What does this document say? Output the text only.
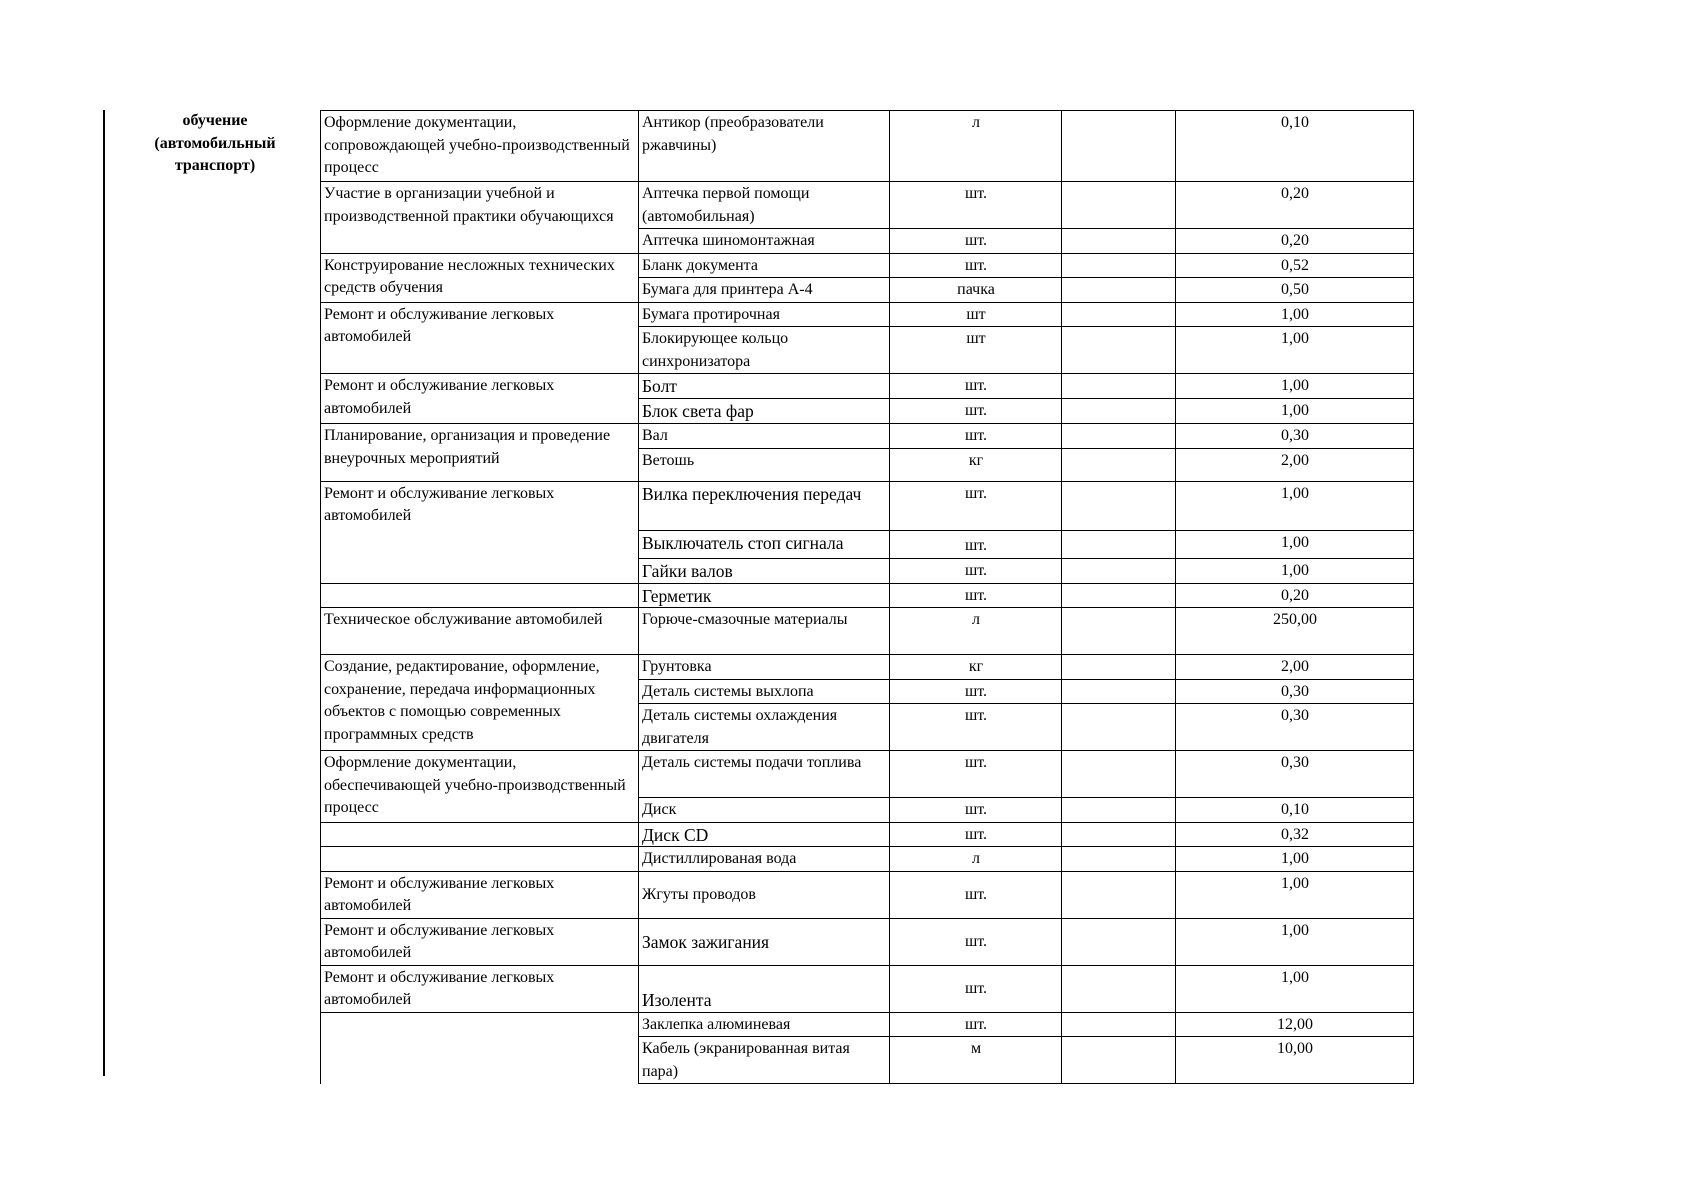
обучение
(автомобильный
транспорт)
Оформление документации, сопровождающей учебно-производственный процесс	Антикор (преобразователи ржавчины)	л		0,10
Участие в организации учебной и производственной практики обучающихся	Аптечка первой помощи (автомобильная)	шт.		0,20
	Аптечка шиномонтажная	шт.		0,20
Конструирование несложных технических средств обучения	Бланк документа	шт.		0,52
	Бумага для принтера А-4	пачка		0,50
Ремонт и обслуживание легковых автомобилей	Бумага протирочная	шт		1,00
	Блокирующее кольцо синхронизатора	шт		1,00
Ремонт и обслуживание легковых автомобилей	Болт	шт.		1,00
	Блок света фар	шт.		1,00
Планирование, организация и проведение внеурочных мероприятий	Вал	шт.		0,30
	Ветошь	кг		2,00
Ремонт и обслуживание легковых автомобилей	Вилка переключения передач	шт.		1,00
	Выключатель стоп сигнала	шт.		1,00
	Гайки валов	шт.		1,00
	Герметик	шт.		0,20
Техническое обслуживание автомобилей	Горюче-смазочные материалы	л		250,00
Создание, редактирование, оформление, сохранение, передача информационных объектов с помощью современных программных средств	Грунтовка	кг		2,00
	Деталь системы выхлопа	шт.		0,30
	Деталь системы охлаждения двигателя	шт.		0,30
Оформление документации, обеспечивающей учебно-производственный процесс	Деталь системы подачи топлива	шт.		0,30
	Диск	шт.		0,10
	Диск CD	шт.		0,32
	Дистиллированая вода	л		1,00
Ремонт и обслуживание легковых автомобилей	Жгуты проводов	шт.		1,00
Ремонт и обслуживание легковых автомобилей	Замок зажигания	шт.		1,00
Ремонт и обслуживание легковых автомобилей	Изолента	шт.		1,00
	Заклепка алюминевая	шт.		12,00
	Кабель (экранированная витая пара)	м		10,00
